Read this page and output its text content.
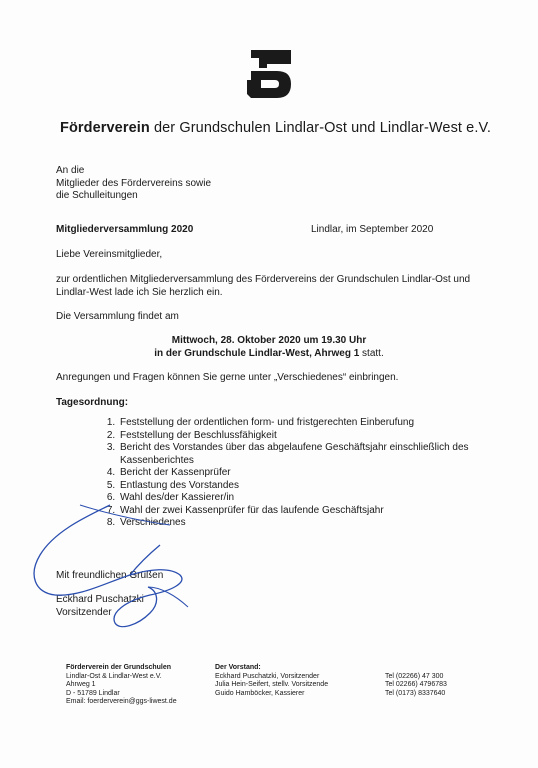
Förderverein der Grundschulen Lindlar-Ost und Lindlar-West e.V.
An die
Mitglieder des Fördervereins sowie
die Schulleitungen
Mitgliederversammlung 2020	Lindlar, im September 2020
Liebe Vereinsmitglieder,
zur ordentlichen Mitgliederversammlung des Fördervereins der Grundschulen Lindlar-Ost und Lindlar-West lade ich Sie herzlich ein.
Die Versammlung findet am
Mittwoch, 28. Oktober 2020 um 19.30 Uhr
in der Grundschule Lindlar-West, Ahrweg 1 statt.
Anregungen und Fragen können Sie gerne unter „Verschiedenes“ einbringen.
Tagesordnung:
1. Feststellung der ordentlichen form- und fristgerechten Einberufung
2. Feststellung der Beschlussfähigkeit
3. Bericht des Vorstandes über das abgelaufene Geschäftsjahr einschließlich des Kassenberichtes
4. Bericht der Kassenprüfer
5. Entlastung des Vorstandes
6. Wahl des/der Kassierer/in
7. Wahl der zwei Kassenprüfer für das laufende Geschäftsjahr
8. Verschiedenes
Mit freundlichen Grüßen
Eckhard Puschatzki
Vorsitzender
Förderverein der Grundschulen
Lindlar-Ost & Lindlar-West e.V.
Ahrweg 1
D - 51789 Lindlar
Email: foerderverein@ggs-liwest.de
Der Vorstand:
Eckhard Puschatzki, Vorsitzender
Julia Hein-Seifert, stellv. Vorsitzende
Guido Hamböcker, Kassierer
Tel (02266) 47 300
Tel 02266) 4796783
Tel (0173) 8337640
